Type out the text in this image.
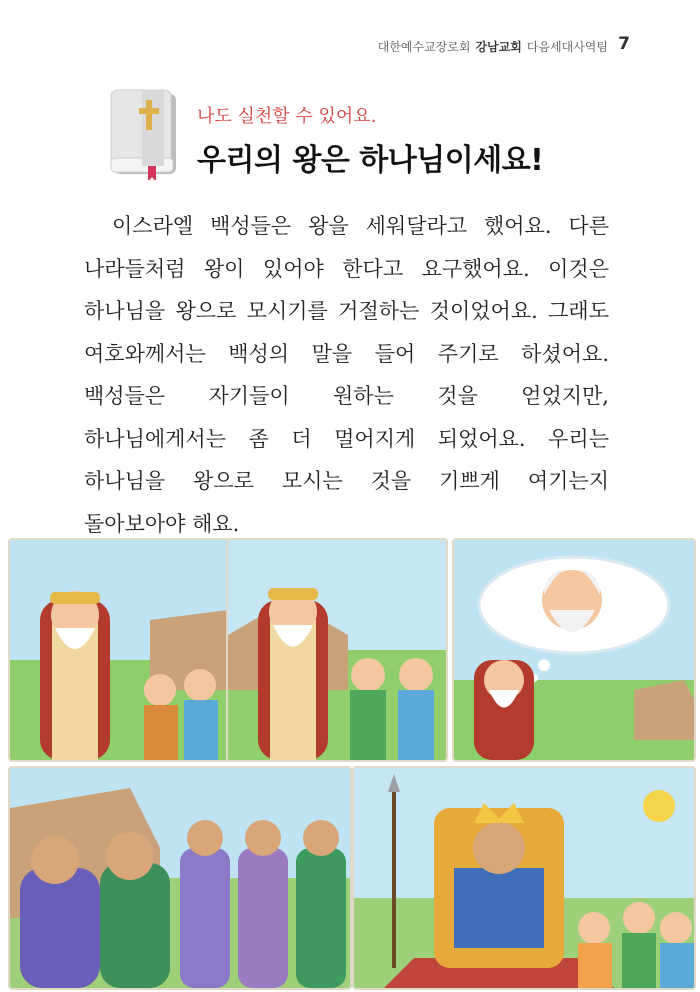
대한예수교장로회 강남교회 다음세대사역팀 7
나도 실천할 수 있어요.
우리의 왕은 하나님이세요!
이스라엘 백성들은 왕을 세워달라고 했어요. 다른 나라들처럼 왕이 있어야 한다고 요구했어요. 이것은 하나님을 왕으로 모시기를 거절하는 것이었어요. 그래도 여호와께서는 백성의 말을 들어 주기로 하셨어요. 백성들은 자기들이 원하는 것을 얻었지만, 하나님에게서는 좀 더 멀어지게 되었어요. 우리는 하나님을 왕으로 모시는 것을 기쁘게 여기는지 돌아보아야 해요.
